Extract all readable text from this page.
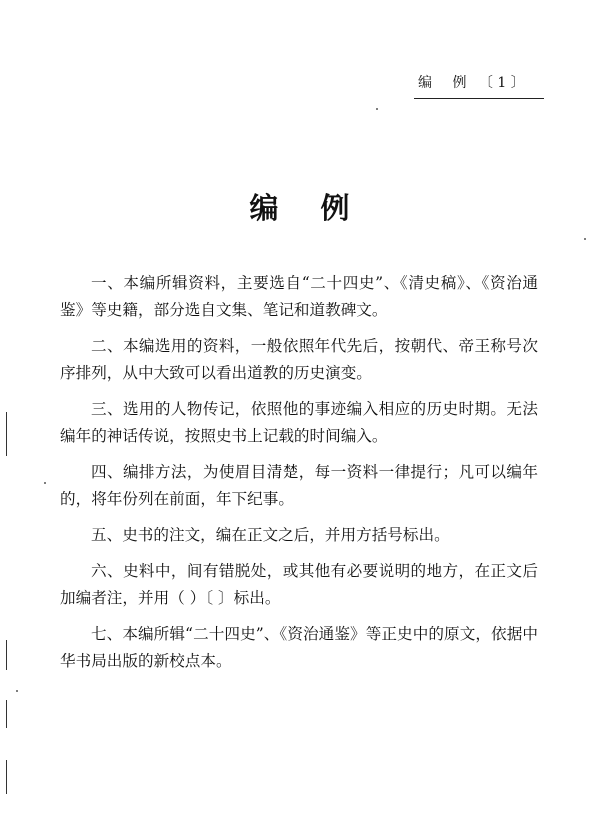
编 例 〔 1 〕
编例

一、本编所辑资料，主要选自“二十四史”、《清史稿》、《资治通鉴》等史籍，部分选自文集、笔记和道教碑文。

二、本编选用的资料，一般依照年代先后，按朝代、帝王称号次序排列，从中大致可以看出道教的历史演变。

三、选用的人物传记，依照他的事迹编入相应的历史时期。无法编年的神话传说，按照史书上记载的时间编入。

四、编排方法，为使眉目清楚，每一资料一律提行；凡可以编年的，将年份列在前面，年下纪事。

五、史书的注文，编在正文之后，并用方括号标出。

六、史料中，间有错脱处，或其他有必要说明的地方，在正文后加编者注，并用（ ）〔 〕标出。

七、本编所辑“二十四史”、《资治通鉴》等正史中的原文，依据中华书局出版的新校点本。
